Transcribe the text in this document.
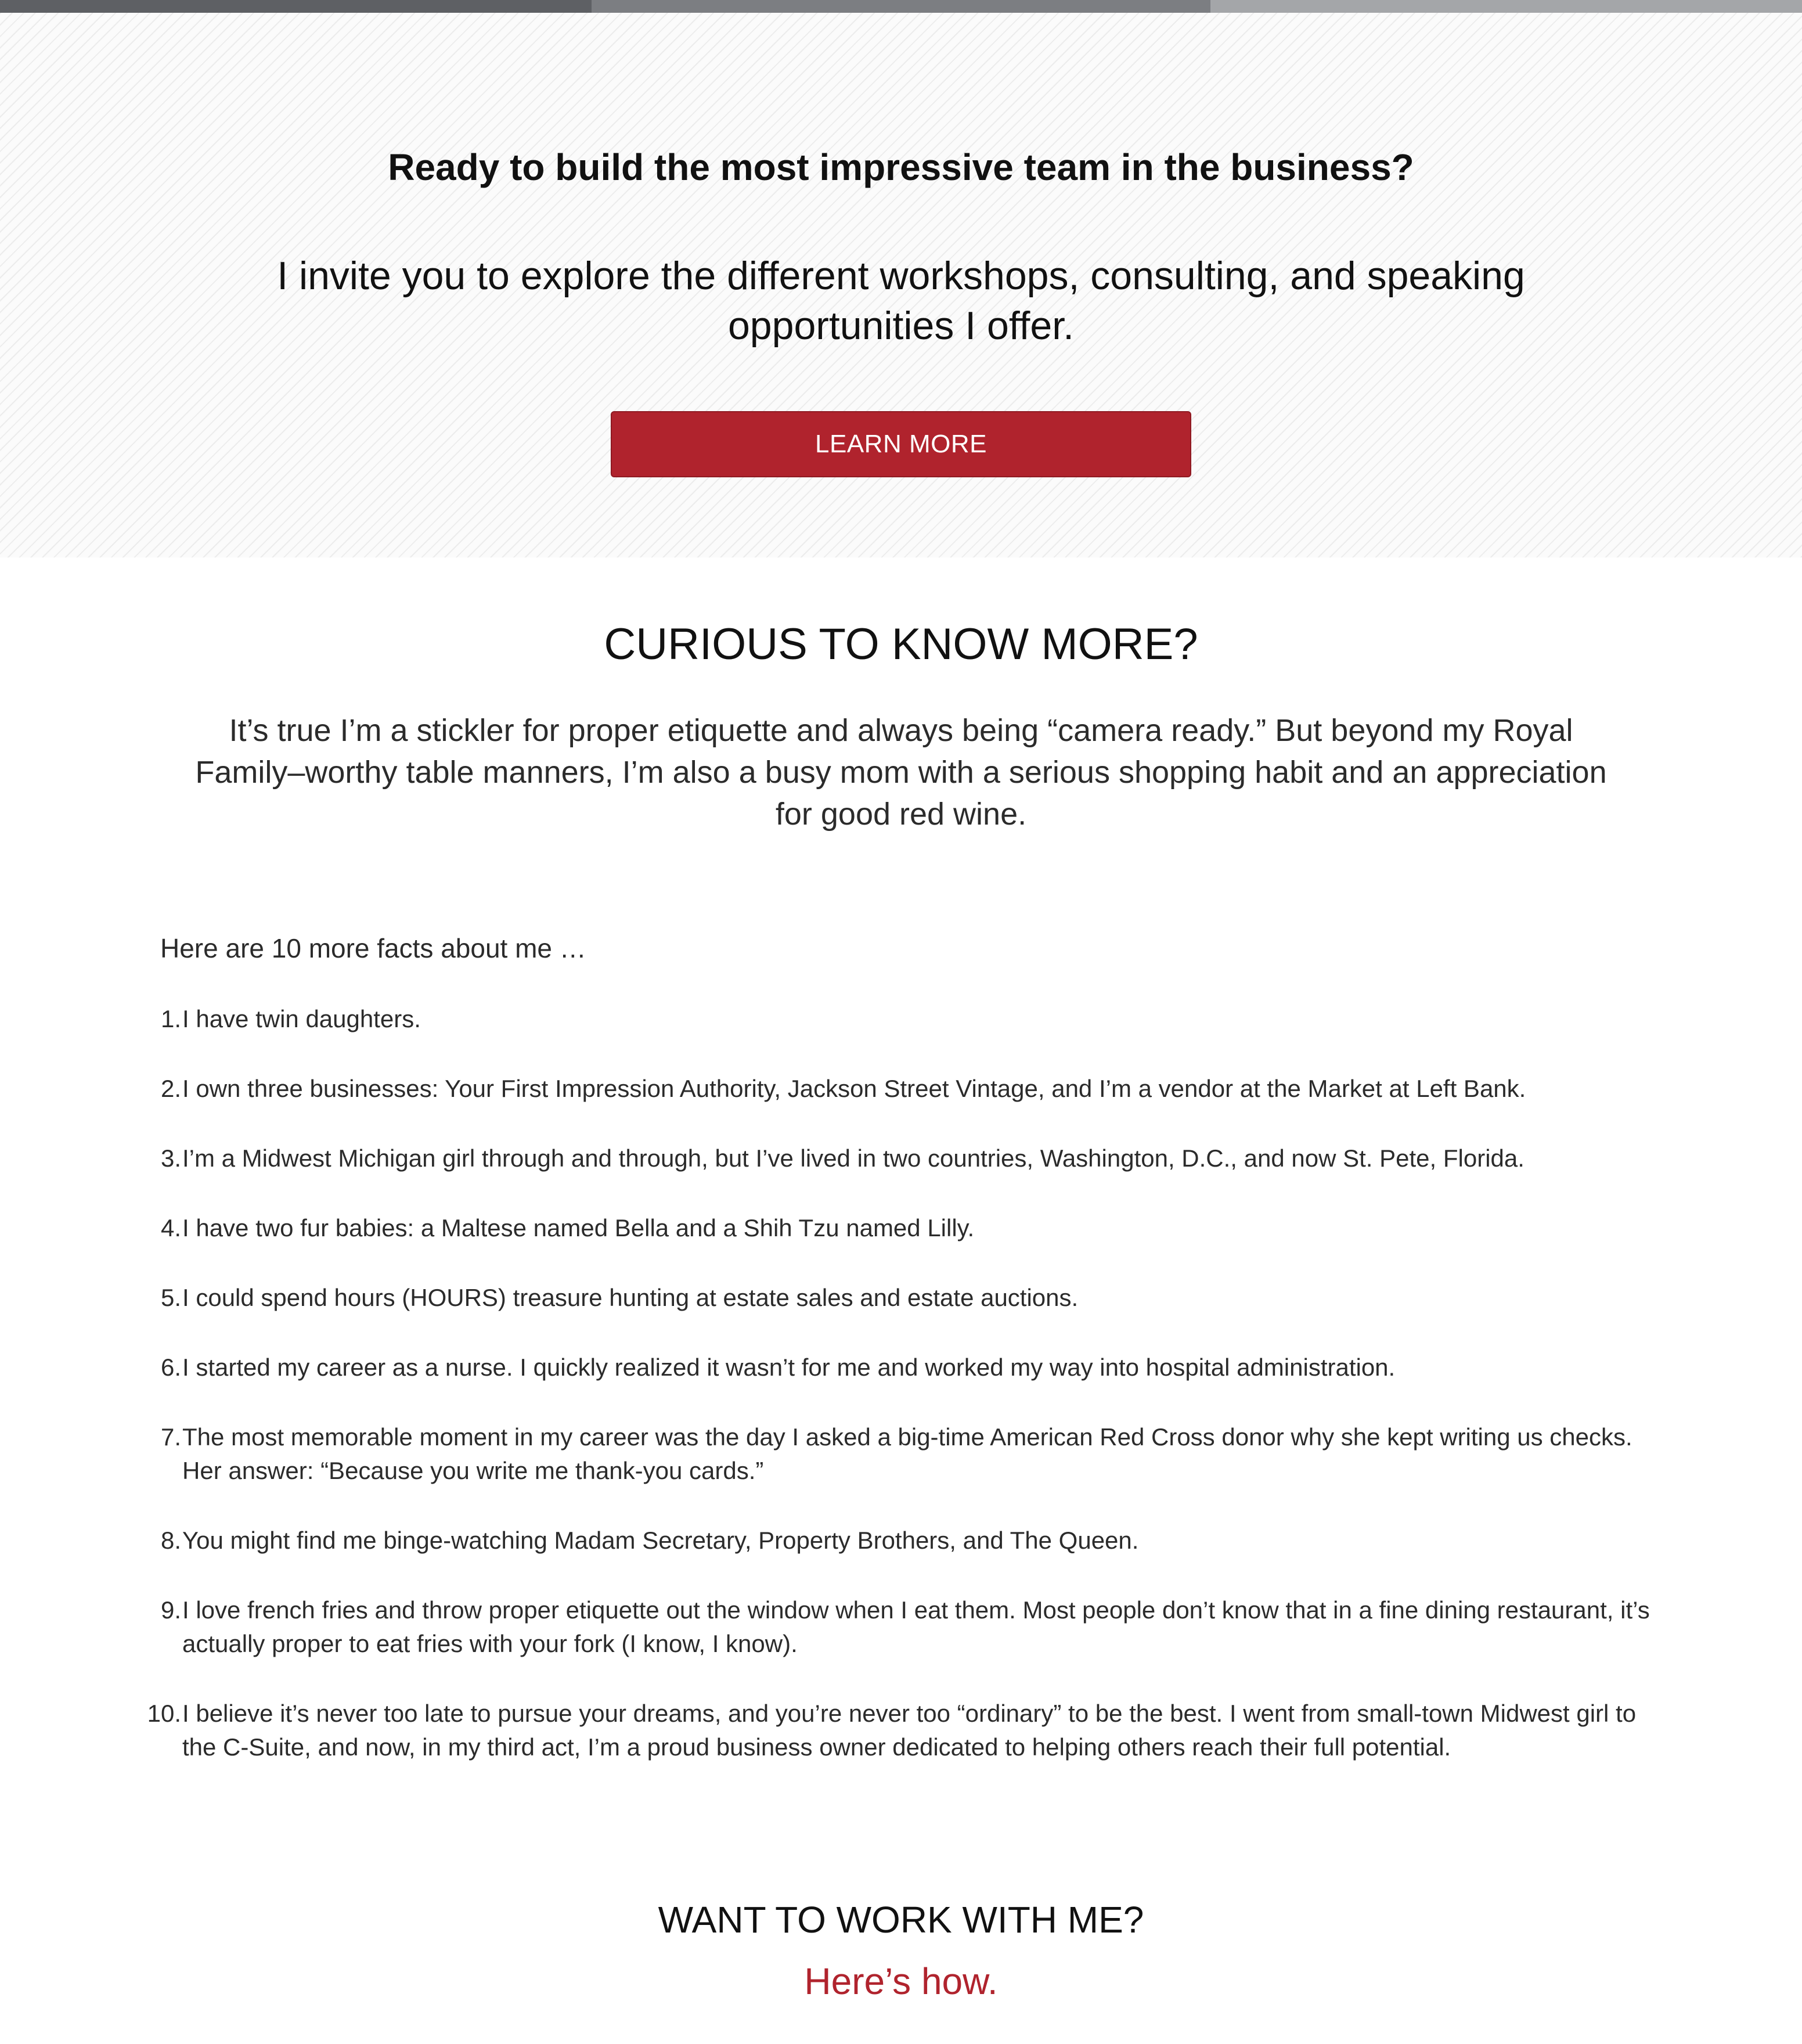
Ready to build the most impressive team in the business?

I invite you to explore the different workshops, consulting, and speaking opportunities I offer.

LEARN MORE
CURIOUS TO KNOW MORE?

It’s true I’m a stickler for proper etiquette and always being “camera ready.” But beyond my Royal Family–worthy table manners, I’m also a busy mom with a serious shopping habit and an appreciation for good red wine.

Here are 10 more facts about me …

1. I have twin daughters.
2. I own three businesses: Your First Impression Authority, Jackson Street Vintage, and I’m a vendor at the Market at Left Bank.
3. I’m a Midwest Michigan girl through and through, but I’ve lived in two countries, Washington, D.C., and now St. Pete, Florida.
4. I have two fur babies: a Maltese named Bella and a Shih Tzu named Lilly.
5. I could spend hours (HOURS) treasure hunting at estate sales and estate auctions.
6. I started my career as a nurse. I quickly realized it wasn’t for me and worked my way into hospital administration.
7. The most memorable moment in my career was the day I asked a big-time American Red Cross donor why she kept writing us checks. Her answer: “Because you write me thank-you cards.”
8. You might find me binge-watching Madam Secretary, Property Brothers, and The Queen.
9. I love french fries and throw proper etiquette out the window when I eat them. Most people don’t know that in a fine dining restaurant, it’s actually proper to eat fries with your fork (I know, I know).
10. I believe it’s never too late to pursue your dreams, and you’re never too “ordinary” to be the best. I went from small-town Midwest girl to the C-Suite, and now, in my third act, I’m a proud business owner dedicated to helping others reach their full potential.
WANT TO WORK WITH ME?

Here’s how.
